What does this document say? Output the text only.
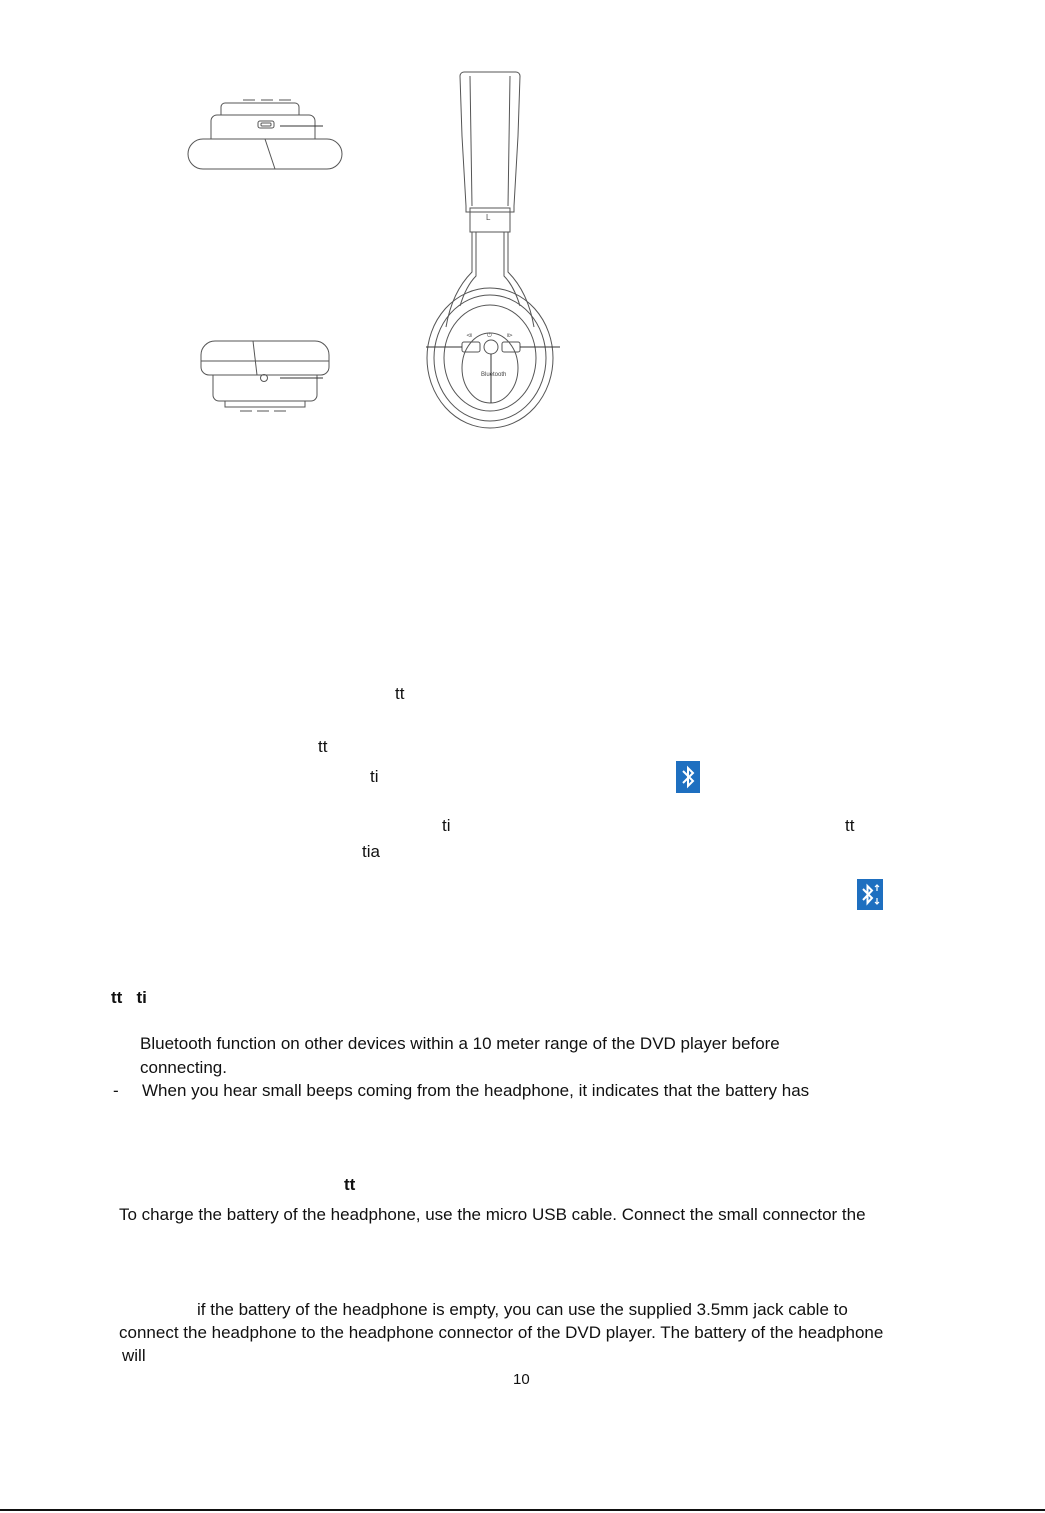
L
Bluetooth
⧏	⏻	⧐
tt
tt
ti
ti	tt
tia
tt   ti
Bluetooth function on other devices within a 10 meter range of the DVD player before
connecting.
- When you hear small beeps coming from the headphone, it indicates that the battery has
tt
To charge the battery of the headphone, use the micro USB cable. Connect the small connector the
if the battery of the headphone is empty, you can use the supplied 3.5mm jack cable to
connect the headphone to the headphone connector of the DVD player. The battery of the headphone
will
10
